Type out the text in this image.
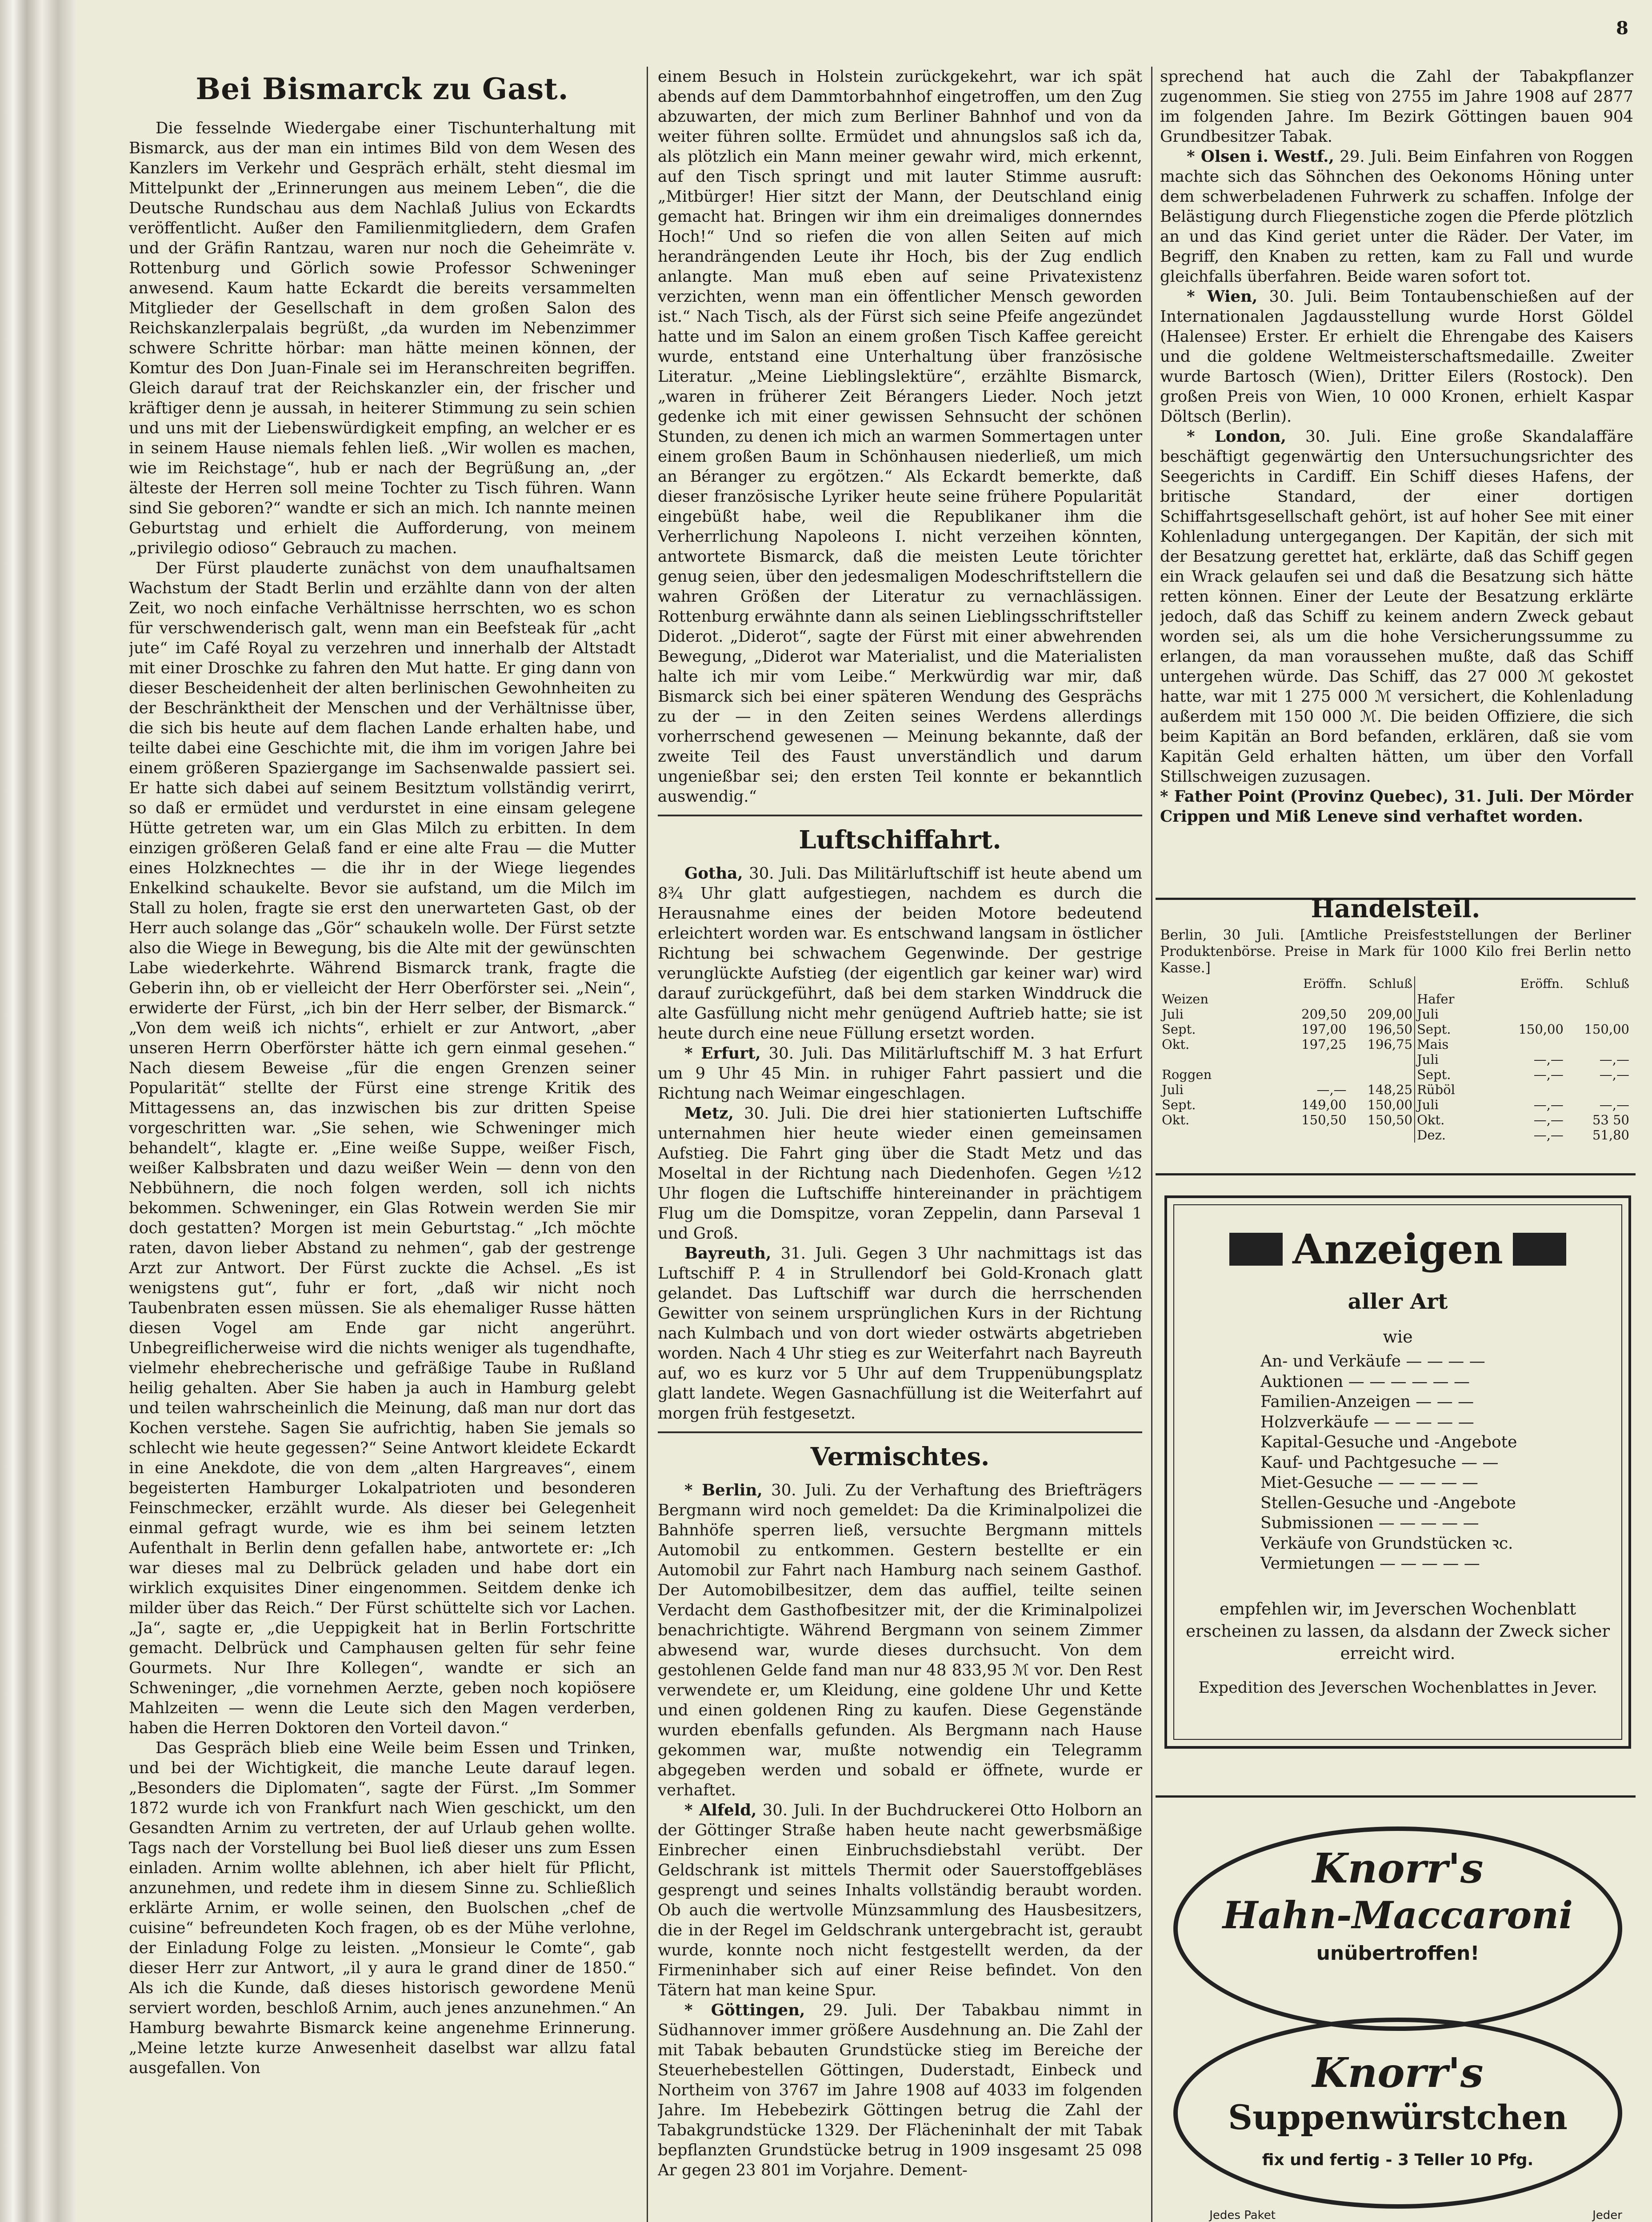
8
Bei Bismarck zu Gast.

Die fesselnde Wiedergabe einer Tischunterhaltung mit Bismarck, aus der man ein intimes Bild von dem Wesen des Kanzlers im Verkehr und Gespräch erhält, steht diesmal im Mittelpunkt der „Erinnerungen aus meinem Leben“, die die Deutsche Rundschau aus dem Nachlaß Julius von Eckardts veröffentlicht. Außer den Familienmitgliedern, dem Grafen und der Gräfin Rantzau, waren nur noch die Geheimräte v. Rottenburg und Görlich sowie Professor Schweninger anwesend. Kaum hatte Eckardt die bereits versammelten Mitglieder der Gesellschaft in dem großen Salon des Reichskanzlerpalais begrüßt, „da wurden im Nebenzimmer schwere Schritte hörbar: man hätte meinen können, der Komtur des Don Juan-Finale sei im Heranschreiten begriffen. Gleich darauf trat der Reichskanzler ein, der frischer und kräftiger denn je aussah, in heiterer Stimmung zu sein schien und uns mit der Liebenswürdigkeit empfing, an welcher er es in seinem Hause niemals fehlen ließ. „Wir wollen es machen, wie im Reichstage“, hub er nach der Begrüßung an, „der älteste der Herren soll meine Tochter zu Tisch führen. Wann sind Sie geboren?“ wandte er sich an mich. Ich nannte meinen Geburtstag und erhielt die Aufforderung, von meinem „privilegio odioso“ Gebrauch zu machen.

Der Fürst plauderte zunächst von dem unaufhaltsamen Wachstum der Stadt Berlin und erzählte dann von der alten Zeit, wo noch einfache Verhältnisse herrschten, wo es schon für verschwenderisch galt, wenn man ein Beefsteak für „acht jute“ im Café Royal zu verzehren und innerhalb der Altstadt mit einer Droschke zu fahren den Mut hatte. Er ging dann von dieser Bescheidenheit der alten berlinischen Gewohnheiten zu der Beschränktheit der Menschen und der Verhältnisse über, die sich bis heute auf dem flachen Lande erhalten habe, und teilte dabei eine Geschichte mit, die ihm im vorigen Jahre bei einem größeren Spaziergange im Sachsenwalde passiert sei. Er hatte sich dabei auf seinem Besitztum vollständig verirrt, so daß er ermüdet und verdurstet in eine einsam gelegene Hütte getreten war, um ein Glas Milch zu erbitten. In dem einzigen größeren Gelaß fand er eine alte Frau — die Mutter eines Holzknechtes — die ihr in der Wiege liegendes Enkelkind schaukelte. Bevor sie aufstand, um die Milch im Stall zu holen, fragte sie erst den unerwarteten Gast, ob der Herr auch solange das „Gör“ schaukeln wolle. Der Fürst setzte also die Wiege in Bewegung, bis die Alte mit der gewünschten Labe wiederkehrte. Während Bismarck trank, fragte die Geberin ihn, ob er vielleicht der Herr Oberförster sei. „Nein“, erwiderte der Fürst, „ich bin der Herr selber, der Bismarck.“ „Von dem weiß ich nichts“, erhielt er zur Antwort, „aber unseren Herrn Oberförster hätte ich gern einmal gesehen.“ Nach diesem Beweise „für die engen Grenzen seiner Popularität“ stellte der Fürst eine strenge Kritik des Mittagessens an, das inzwischen bis zur dritten Speise vorgeschritten war. „Sie sehen, wie Schweninger mich behandelt“, klagte er. „Eine weiße Suppe, weißer Fisch, weißer Kalbsbraten und dazu weißer Wein — denn von den Nebbühnern, die noch folgen werden, soll ich nichts bekommen. Schweninger, ein Glas Rotwein werden Sie mir doch gestatten? Morgen ist mein Geburtstag.“ „Ich möchte raten, davon lieber Abstand zu nehmen“, gab der gestrenge Arzt zur Antwort. Der Fürst zuckte die Achsel. „Es ist wenigstens gut“, fuhr er fort, „daß wir nicht noch Taubenbraten essen müssen. Sie als ehemaliger Russe hätten diesen Vogel am Ende gar nicht angerührt. Unbegreiflicherweise wird die nichts weniger als tugendhafte, vielmehr ehebrecherische und gefräßige Taube in Rußland heilig gehalten. Aber Sie haben ja auch in Hamburg gelebt und teilen wahrscheinlich die Meinung, daß man nur dort das Kochen verstehe. Sagen Sie aufrichtig, haben Sie jemals so schlecht wie heute gegessen?“ Seine Antwort kleidete Eckardt in eine Anekdote, die von dem „alten Hargreaves“, einem begeisterten Hamburger Lokalpatrioten und besonderen Feinschmecker, erzählt wurde. Als dieser bei Gelegenheit einmal gefragt wurde, wie es ihm bei seinem letzten Aufenthalt in Berlin denn gefallen habe, antwortete er: „Ich war dieses mal zu Delbrück geladen und habe dort ein wirklich exquisites Diner eingenommen. Seitdem denke ich milder über das Reich.“ Der Fürst schüttelte sich vor Lachen. „Ja“, sagte er, „die Ueppigkeit hat in Berlin Fortschritte gemacht. Delbrück und Camphausen gelten für sehr feine Gourmets. Nur Ihre Kollegen“, wandte er sich an Schweninger, „die vornehmen Aerzte, geben noch kopiösere Mahlzeiten — wenn die Leute sich den Magen verderben, haben die Herren Doktoren den Vorteil davon.“

Das Gespräch blieb eine Weile beim Essen und Trinken, und bei der Wichtigkeit, die manche Leute darauf legen. „Besonders die Diplomaten“, sagte der Fürst. „Im Sommer 1872 wurde ich von Frankfurt nach Wien geschickt, um den Gesandten Arnim zu vertreten, der auf Urlaub gehen wollte. Tags nach der Vorstellung bei Buol ließ dieser uns zum Essen einladen. Arnim wollte ablehnen, ich aber hielt für Pflicht, anzunehmen, und redete ihm in diesem Sinne zu. Schließlich erklärte Arnim, er wolle seinen, den Buolschen „chef de cuisine“ befreundeten Koch fragen, ob es der Mühe verlohne, der Einladung Folge zu leisten. „Monsieur le Comte“, gab dieser Herr zur Antwort, „il y aura le grand diner de 1850.“ Als ich die Kunde, daß dieses historisch gewordene Menü serviert worden, beschloß Arnim, auch jenes anzunehmen.“ An Hamburg bewahrte Bismarck keine angenehme Erinnerung. „Meine letzte kurze Anwesenheit daselbst war allzu fatal ausgefallen. Von

einem Besuch in Holstein zurückgekehrt, war ich spät abends auf dem Dammtorbahnhof eingetroffen, um den Zug abzuwarten, der mich zum Berliner Bahnhof und von da weiter führen sollte. Ermüdet und ahnungslos saß ich da, als plötzlich ein Mann meiner gewahr wird, mich erkennt, auf den Tisch springt und mit lauter Stimme ausruft: „Mitbürger! Hier sitzt der Mann, der Deutschland einig gemacht hat. Bringen wir ihm ein dreimaliges donnerndes Hoch!“ Und so riefen die von allen Seiten auf mich herandrängenden Leute ihr Hoch, bis der Zug endlich anlangte. Man muß eben auf seine Privatexistenz verzichten, wenn man ein öffentlicher Mensch geworden ist.“ Nach Tisch, als der Fürst sich seine Pfeife angezündet hatte und im Salon an einem großen Tisch Kaffee gereicht wurde, entstand eine Unterhaltung über französische Literatur. „Meine Lieblingslektüre“, erzählte Bismarck, „waren in früherer Zeit Bérangers Lieder. Noch jetzt gedenke ich mit einer gewissen Sehnsucht der schönen Stunden, zu denen ich mich an warmen Sommertagen unter einem großen Baum in Schönhausen niederließ, um mich an Béranger zu ergötzen.“ Als Eckardt bemerkte, daß dieser französische Lyriker heute seine frühere Popularität eingebüßt habe, weil die Republikaner ihm die Verherrlichung Napoleons I. nicht verzeihen könnten, antwortete Bismarck, daß die meisten Leute törichter genug seien, über den jedesmaligen Modeschriftstellern die wahren Größen der Literatur zu vernachlässigen. Rottenburg erwähnte dann als seinen Lieblingsschriftsteller Diderot. „Diderot“, sagte der Fürst mit einer abwehrenden Bewegung, „Diderot war Materialist, und die Materialisten halte ich mir vom Leibe.“ Merkwürdig war mir, daß Bismarck sich bei einer späteren Wendung des Gesprächs zu der — in den Zeiten seines Werdens allerdings vorherrschend gewesenen — Meinung bekannte, daß der zweite Teil des Faust unverständlich und darum ungenießbar sei; den ersten Teil konnte er bekanntlich auswendig.“

Luftschiffahrt.

Gotha, 30. Juli. Das Militärluftschiff ist heute abend um 8¾ Uhr glatt aufgestiegen, nachdem es durch die Herausnahme eines der beiden Motore bedeutend erleichtert worden war. Es entschwand langsam in östlicher Richtung bei schwachem Gegenwinde. Der gestrige verunglückte Aufstieg (der eigentlich gar keiner war) wird darauf zurückgeführt, daß bei dem starken Winddruck die alte Gasfüllung nicht mehr genügend Auftrieb hatte; sie ist heute durch eine neue Füllung ersetzt worden.

* Erfurt, 30. Juli. Das Militärluftschiff M. 3 hat Erfurt um 9 Uhr 45 Min. in ruhiger Fahrt passiert und die Richtung nach Weimar eingeschlagen.

Metz, 30. Juli. Die drei hier stationierten Luftschiffe unternahmen hier heute wieder einen gemeinsamen Aufstieg. Die Fahrt ging über die Stadt Metz und das Moseltal in der Richtung nach Diedenhofen. Gegen ½12 Uhr flogen die Luftschiffe hintereinander in prächtigem Flug um die Domspitze, voran Zeppelin, dann Parseval 1 und Groß.

Bayreuth, 31. Juli. Gegen 3 Uhr nachmittags ist das Luftschiff P. 4 in Strullendorf bei Gold-Kronach glatt gelandet. Das Luftschiff war durch die herrschenden Gewitter von seinem ursprünglichen Kurs in der Richtung nach Kulmbach und von dort wieder ostwärts abgetrieben worden. Nach 4 Uhr stieg es zur Weiterfahrt nach Bayreuth auf, wo es kurz vor 5 Uhr auf dem Truppenübungsplatz glatt landete. Wegen Gasnachfüllung ist die Weiterfahrt auf morgen früh festgesetzt.

Vermischtes.

* Berlin, 30. Juli. Zu der Verhaftung des Briefträgers Bergmann wird noch gemeldet: Da die Kriminalpolizei die Bahnhöfe sperren ließ, versuchte Bergmann mittels Automobil zu entkommen. Gestern bestellte er ein Automobil zur Fahrt nach Hamburg nach seinem Gasthof. Der Automobilbesitzer, dem das auffiel, teilte seinen Verdacht dem Gasthofbesitzer mit, der die Kriminalpolizei benachrichtigte. Während Bergmann von seinem Zimmer abwesend war, wurde dieses durchsucht. Von dem gestohlenen Gelde fand man nur 48 833,95 ℳ vor. Den Rest verwendete er, um Kleidung, eine goldene Uhr und Kette und einen goldenen Ring zu kaufen. Diese Gegenstände wurden ebenfalls gefunden. Als Bergmann nach Hause gekommen war, mußte notwendig ein Telegramm abgegeben werden und sobald er öffnete, wurde er verhaftet.

* Alfeld, 30. Juli. In der Buchdruckerei Otto Holborn an der Göttinger Straße haben heute nacht gewerbsmäßige Einbrecher einen Einbruchsdiebstahl verübt. Der Geldschrank ist mittels Thermit oder Sauerstoffgebläses gesprengt und seines Inhalts vollständig beraubt worden. Ob auch die wertvolle Münzsammlung des Hausbesitzers, die in der Regel im Geldschrank untergebracht ist, geraubt wurde, konnte noch nicht festgestellt werden, da der Firmeninhaber sich auf einer Reise befindet. Von den Tätern hat man keine Spur.

* Göttingen, 29. Juli. Der Tabakbau nimmt in Südhannover immer größere Ausdehnung an. Die Zahl der mit Tabak bebauten Grundstücke stieg im Bereiche der Steuerhebestellen Göttingen, Duderstadt, Einbeck und Northeim von 3767 im Jahre 1908 auf 4033 im folgenden Jahre. Im Hebebezirk Göttingen betrug die Zahl der Tabakgrundstücke 1329. Der Flächeninhalt der mit Tabak bepflanzten Grundstücke betrug in 1909 insgesamt 25 098 Ar gegen 23 801 im Vorjahre. Dement-

sprechend hat auch die Zahl der Tabakpflanzer zugenommen. Sie stieg von 2755 im Jahre 1908 auf 2877 im folgenden Jahre. Im Bezirk Göttingen bauen 904 Grundbesitzer Tabak.

* Olsen i. Westf., 29. Juli. Beim Einfahren von Roggen machte sich das Söhnchen des Oekonoms Höning unter dem schwerbeladenen Fuhrwerk zu schaffen. Infolge der Belästigung durch Fliegenstiche zogen die Pferde plötzlich an und das Kind geriet unter die Räder. Der Vater, im Begriff, den Knaben zu retten, kam zu Fall und wurde gleichfalls überfahren. Beide waren sofort tot.

* Wien, 30. Juli. Beim Tontaubenschießen auf der Internationalen Jagdausstellung wurde Horst Göldel (Halensee) Erster. Er erhielt die Ehrengabe des Kaisers und die goldene Weltmeisterschaftsmedaille. Zweiter wurde Bartosch (Wien), Dritter Eilers (Rostock). Den großen Preis von Wien, 10 000 Kronen, erhielt Kaspar Döltsch (Berlin).

* London, 30. Juli. Eine große Skandalaffäre beschäftigt gegenwärtig den Untersuchungsrichter des Seegerichts in Cardiff. Ein Schiff dieses Hafens, der britische Standard, der einer dortigen Schiffahrtsgesellschaft gehört, ist auf hoher See mit einer Kohlenladung untergegangen. Der Kapitän, der sich mit der Besatzung gerettet hat, erklärte, daß das Schiff gegen ein Wrack gelaufen sei und daß die Besatzung sich hätte retten können. Einer der Leute der Besatzung erklärte jedoch, daß das Schiff zu keinem andern Zweck gebaut worden sei, als um die hohe Versicherungssumme zu erlangen, da man voraussehen mußte, daß das Schiff untergehen würde. Das Schiff, das 27 000 ℳ gekostet hatte, war mit 1 275 000 ℳ versichert, die Kohlenladung außerdem mit 150 000 ℳ. Die beiden Offiziere, die sich beim Kapitän an Bord befanden, erklären, daß sie vom Kapitän Geld erhalten hätten, um über den Vorfall Stillschweigen zuzusagen.

* Father Point (Provinz Quebec), 31. Juli. Der Mörder Crippen und Miß Leneve sind verhaftet worden.

Handelsteil.
Berlin, 30 Juli. [Amtliche Preisfeststellungen der Berliner Produktenbörse. Preise in Mark für 1000 Kilo frei Berlin netto Kasse.]
	Eröffn.	Schluß		Eröffn.	Schluß
Weizen			Hafer		
Juli	209,50	209,00	Juli		
Sept.	197,00	196,50	Sept.	150,00	150,00
Okt.	197,25	196,75	Mais		
			Juli	—,—	—,—
Roggen			Sept.	—,—	—,—
Juli	—,—	148,25	Rüböl		
Sept.	149,00	150,00	Juli	—,—	—,—
Okt.	150,50	150,50	Okt.	—,—	53 50
			Dez.	—,—	51,80
Anzeigen
aller Art
wie
An- und Verkäufe — — — —
Auktionen — — — — — —
Familien-Anzeigen — — —
Holzverkäufe — — — — —
Kapital-Gesuche und -Angebote
Kauf- und Pachtgesuche — —
Miet-Gesuche — — — — —
Stellen-Gesuche und -Angebote
Submissionen — — — — —
Verkäufe von Grundstücken ꝛc.
Vermietungen — — — — —
empfehlen wir, im Jeverschen Wochenblatt erscheinen zu lassen, da alsdann der Zweck sicher erreicht wird.
Expedition des Jeverschen Wochenblattes in Jever.
Knorr's
Hahn-Maccaroni
unübertroffen!
Knorr's
Suppenwürstchen
fix und fertig - 3 Teller 10 Pfg.
Jedes Paket	Jeder
